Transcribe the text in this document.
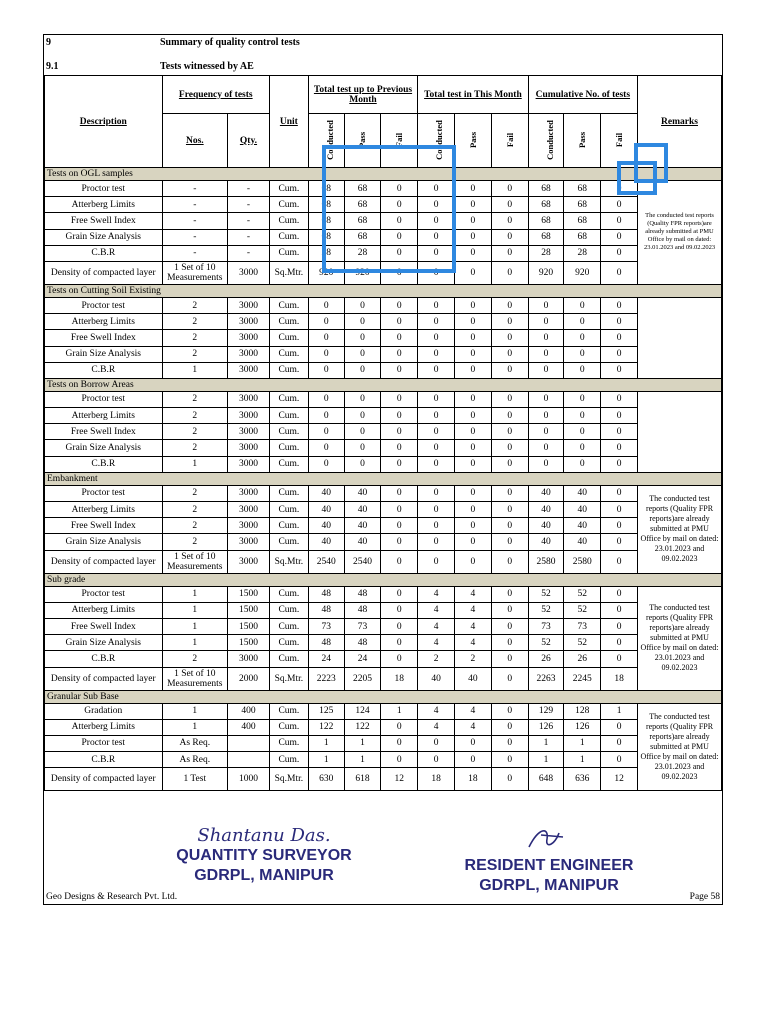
9	Summary of quality control tests
9.1	Tests witnessed by AE
Description	Frequency of tests		Unit	Total test up to Previous Month			Total test in This Month			Cumulative No. of tests			Remarks
	Nos.	Qty.		Conducted	Pass	Fail	Conducted	Pass	Fail	Conducted	Pass	Fail	
Tests on OGL samples													
Proctor test	-	-	Cum.	68	68	0	0	0	0	68	68	0	The conducted test reports (Quality FPR reports)are already submitted at PMU Office by mail on dated: 23.01.2023 and 09.02.2023
Atterberg Limits	-	-	Cum.	68	68	0	0	0	0	68	68	0	
Free Swell Index	-	-	Cum.	68	68	0	0	0	0	68	68	0	
Grain Size Analysis	-	-	Cum.	68	68	0	0	0	0	68	68	0	
C.B.R	-	-	Cum.	28	28	0	0	0	0	28	28	0	
Density of compacted layer	1 Set of 10 Measurements	3000	Sq.Mtr.	920	920	0	0	0	0	920	920	0	
Tests on Cutting Soil Existing													
Proctor test	2	3000	Cum.	0	0	0	0	0	0	0	0	0	
Atterberg Limits	2	3000	Cum.	0	0	0	0	0	0	0	0	0	
Free Swell Index	2	3000	Cum.	0	0	0	0	0	0	0	0	0	
Grain Size Analysis	2	3000	Cum.	0	0	0	0	0	0	0	0	0	
C.B.R	1	3000	Cum.	0	0	0	0	0	0	0	0	0	
Tests on Borrow Areas													
Proctor test	2	3000	Cum.	0	0	0	0	0	0	0	0	0	
Atterberg Limits	2	3000	Cum.	0	0	0	0	0	0	0	0	0	
Free Swell Index	2	3000	Cum.	0	0	0	0	0	0	0	0	0	
Grain Size Analysis	2	3000	Cum.	0	0	0	0	0	0	0	0	0	
C.B.R	1	3000	Cum.	0	0	0	0	0	0	0	0	0	
Embankment													
Proctor test	2	3000	Cum.	40	40	0	0	0	0	40	40	0	The conducted test reports (Quality FPR reports)are already submitted at PMU Office by mail on dated: 23.01.2023 and 09.02.2023
Atterberg Limits	2	3000	Cum.	40	40	0	0	0	0	40	40	0	
Free Swell Index	2	3000	Cum.	40	40	0	0	0	0	40	40	0	
Grain Size Analysis	2	3000	Cum.	40	40	0	0	0	0	40	40	0	
Density of compacted layer	1 Set of 10 Measurements	3000	Sq.Mtr.	2540	2540	0	0	0	0	2580	2580	0	
Sub grade													
Proctor test	1	1500	Cum.	48	48	0	4	4	0	52	52	0	The conducted test reports (Quality FPR reports)are already submitted at PMU Office by mail on dated: 23.01.2023 and 09.02.2023
Atterberg Limits	1	1500	Cum.	48	48	0	4	4	0	52	52	0	
Free Swell Index	1	1500	Cum.	73	73	0	4	4	0	73	73	0	
Grain Size Analysis	1	1500	Cum.	48	48	0	4	4	0	52	52	0	
C.B.R	2	3000	Cum.	24	24	0	2	2	0	26	26	0	
Density of compacted layer	1 Set of 10 Measurements	2000	Sq.Mtr.	2223	2205	18	40	40	0	2263	2245	18	
Granular Sub Base													
Gradation	1	400	Cum.	125	124	1	4	4	0	129	128	1	The conducted test reports (Quality FPR reports)are already submitted at PMU Office by mail on dated: 23.01.2023 and 09.02.2023
Atterberg Limits	1	400	Cum.	122	122	0	4	4	0	126	126	0	
Proctor test	As Req.		Cum.	1	1	0	0	0	0	1	1	0	
C.B.R	As Req.		Cum.	1	1	0	0	0	0	1	1	0	
Density of compacted layer	1 Test	1000	Sq.Mtr.	630	618	12	18	18	0	648	636	12	
Shantanu Das.
QUANTITY SURVEYOR
GDRPL, MANIPUR
RESIDENT ENGINEER
GDRPL, MANIPUR
Geo Designs & Research Pvt. Ltd.	Page 58
